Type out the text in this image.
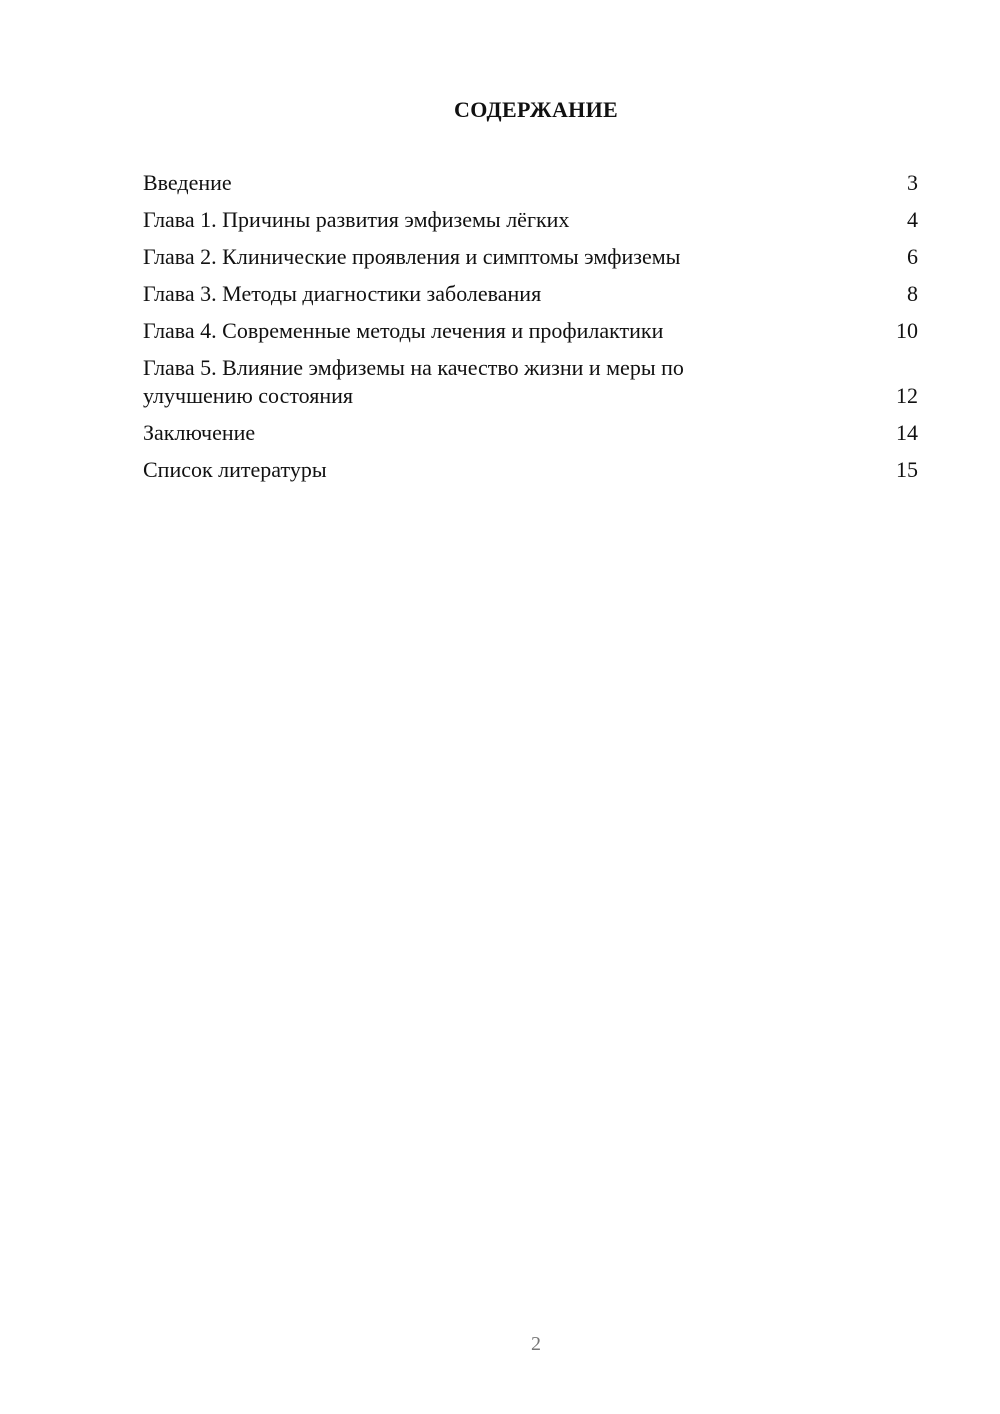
СОДЕРЖАНИЕ
Введение	3
Глава 1. Причины развития эмфиземы лёгких	4
Глава 2. Клинические проявления и симптомы эмфиземы	6
Глава 3. Методы диагностики заболевания	8
Глава 4. Современные методы лечения и профилактики	10
Глава 5. Влияние эмфиземы на качество жизни и меры по улучшению состояния	12
Заключение	14
Список литературы	15
2
